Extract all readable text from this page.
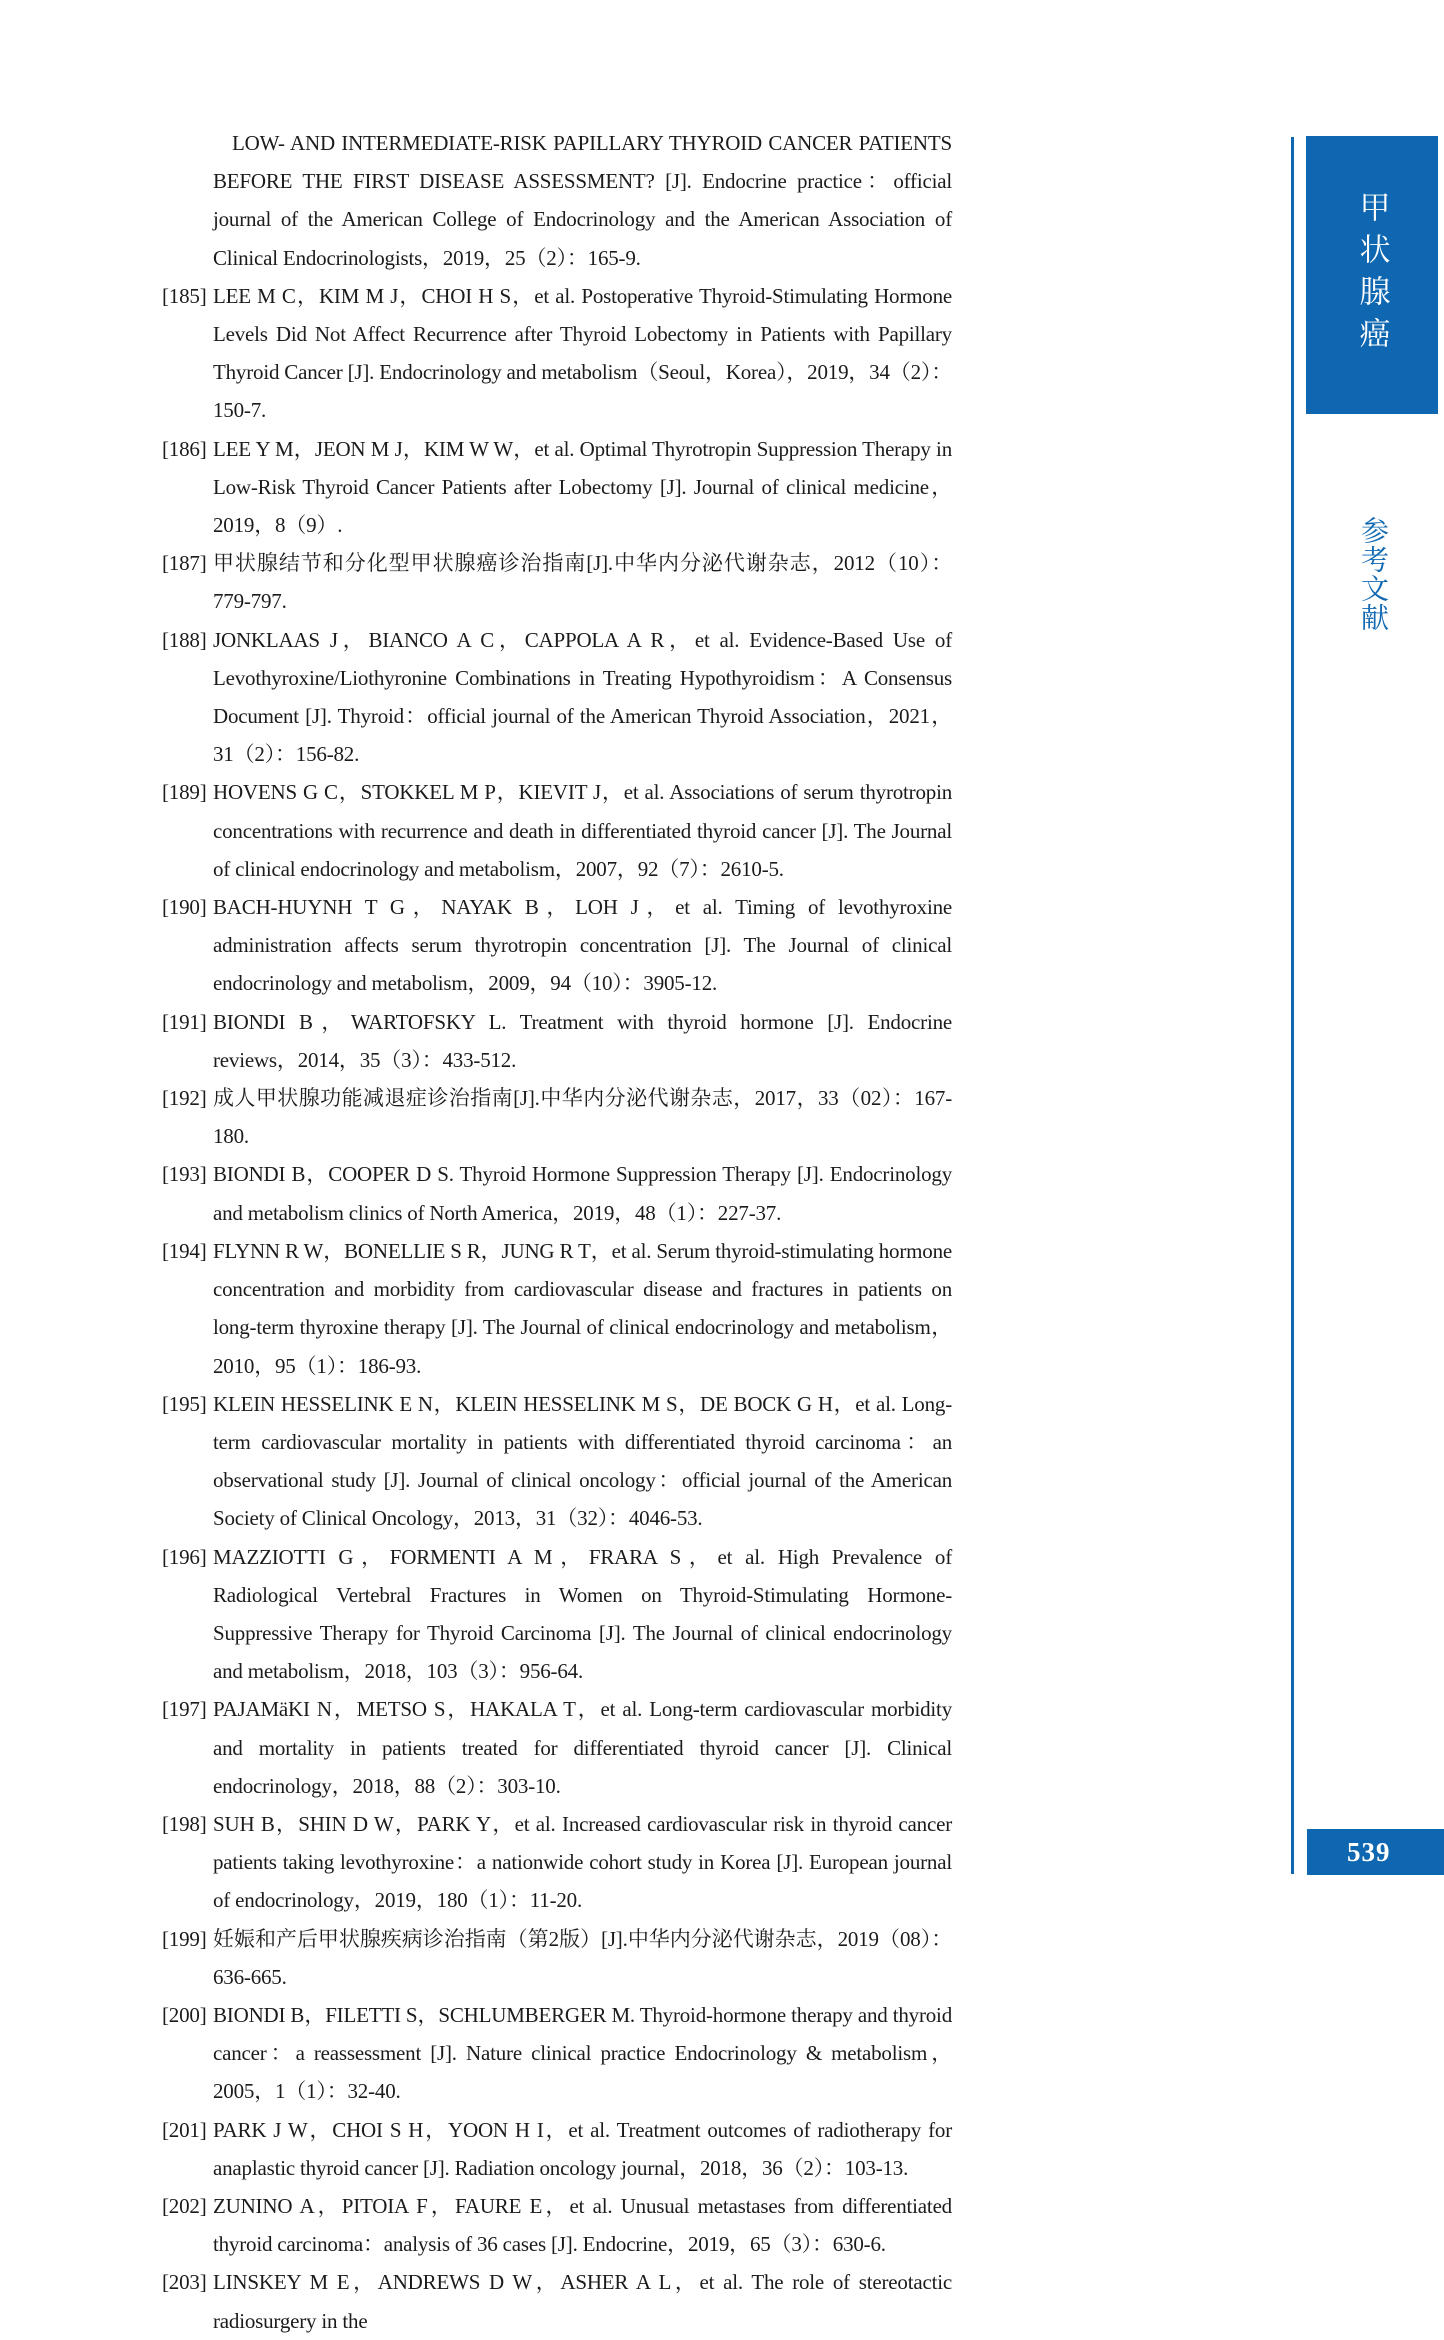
LOW- AND INTERMEDIATE-RISK PAPILLARY THYROID CANCER PATIENTS BEFORE THE FIRST DISEASE ASSESSMENT? [J]. Endocrine practice：official journal of the American College of Endocrinology and the American Association of Clinical Endocrinologists，2019，25（2）：165-9.

[185] LEE M C，KIM M J，CHOI H S，et al. Postoperative Thyroid-Stimulating Hormone Levels Did Not Affect Recurrence after Thyroid Lobectomy in Patients with Papillary Thyroid Cancer [J]. Endocrinology and metabolism（Seoul，Korea），2019，34（2）：150-7.

[186] LEE Y M，JEON M J，KIM W W，et al. Optimal Thyrotropin Suppression Therapy in Low-Risk Thyroid Cancer Patients after Lobectomy [J]. Journal of clinical medicine，2019，8（9）.

[187] 甲状腺结节和分化型甲状腺癌诊治指南[J].中华内分泌代谢杂志，2012（10）：779-797.

[188] JONKLAAS J，BIANCO A C，CAPPOLA A R，et al. Evidence-Based Use of Levothyroxine/Liothyronine Combinations in Treating Hypothyroidism：A Consensus Document [J]. Thyroid：official journal of the American Thyroid Association，2021，31（2）：156-82.

[189] HOVENS G C，STOKKEL M P，KIEVIT J，et al. Associations of serum thyrotropin concentrations with recurrence and death in differentiated thyroid cancer [J]. The Journal of clinical endocrinology and metabolism，2007，92（7）：2610-5.

[190] BACH-HUYNH T G，NAYAK B，LOH J，et al. Timing of levothyroxine administration affects serum thyrotropin concentration [J]. The Journal of clinical endocrinology and metabolism，2009，94（10）：3905-12.

[191] BIONDI B，WARTOFSKY L. Treatment with thyroid hormone [J]. Endocrine reviews，2014，35（3）：433-512.

[192] 成人甲状腺功能减退症诊治指南[J].中华内分泌代谢杂志，2017，33（02）：167-180.

[193] BIONDI B，COOPER D S. Thyroid Hormone Suppression Therapy [J]. Endocrinology and metabolism clinics of North America，2019，48（1）：227-37.

[194] FLYNN R W，BONELLIE S R，JUNG R T，et al. Serum thyroid-stimulating hormone concentration and morbidity from cardiovascular disease and fractures in patients on long-term thyroxine therapy [J]. The Journal of clinical endocrinology and metabolism，2010，95（1）：186-93.

[195] KLEIN HESSELINK E N，KLEIN HESSELINK M S，DE BOCK G H，et al. Long-term cardiovascular mortality in patients with differentiated thyroid carcinoma：an observational study [J]. Journal of clinical oncology：official journal of the American Society of Clinical Oncology，2013，31（32）：4046-53.

[196] MAZZIOTTI G，FORMENTI A M，FRARA S，et al. High Prevalence of Radiological Vertebral Fractures in Women on Thyroid-Stimulating Hormone-Suppressive Therapy for Thyroid Carcinoma [J]. The Journal of clinical endocrinology and metabolism，2018，103（3）：956-64.

[197] PAJAMäKI N，METSO S，HAKALA T，et al. Long-term cardiovascular morbidity and mortality in patients treated for differentiated thyroid cancer [J]. Clinical endocrinology，2018，88（2）：303-10.

[198] SUH B，SHIN D W，PARK Y，et al. Increased cardiovascular risk in thyroid cancer patients taking levothyroxine：a nationwide cohort study in Korea [J]. European journal of endocrinology，2019，180（1）：11-20.

[199] 妊娠和产后甲状腺疾病诊治指南（第2版）[J].中华内分泌代谢杂志，2019（08）：636-665.

[200] BIONDI B，FILETTI S，SCHLUMBERGER M. Thyroid-hormone therapy and thyroid cancer：a reassessment [J]. Nature clinical practice Endocrinology & metabolism，2005，1（1）：32-40.

[201] PARK J W，CHOI S H，YOON H I，et al. Treatment outcomes of radiotherapy for anaplastic thyroid cancer [J]. Radiation oncology journal，2018，36（2）：103-13.

[202] ZUNINO A，PITOIA F，FAURE E，et al. Unusual metastases from differentiated thyroid carcinoma：analysis of 36 cases [J]. Endocrine，2019，65（3）：630-6.

[203] LINSKEY M E，ANDREWS D W，ASHER A L，et al. The role of stereotactic radiosurgery in the

甲状腺癌
参考文献
539
